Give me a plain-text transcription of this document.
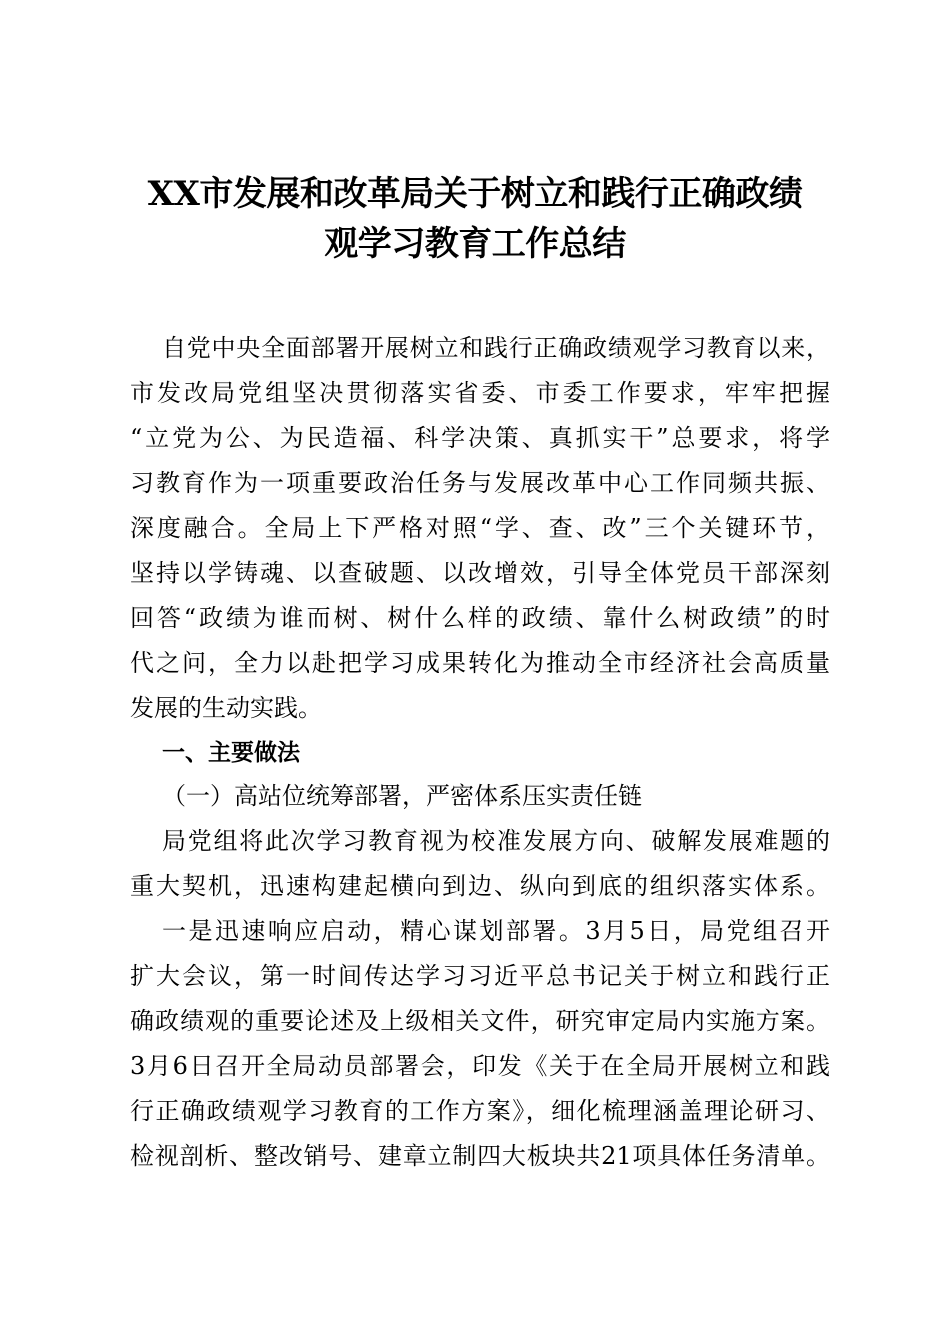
XX市发展和改革局关于树立和践行正确政绩
观学习教育工作总结
自党中央全面部署开展树立和践行正确政绩观学习教育以来，
市发改局党组坚决贯彻落实省委、市委工作要求，牢牢把握
“立党为公、为民造福、科学决策、真抓实干”总要求，将学
习教育作为一项重要政治任务与发展改革中心工作同频共振、
深度融合。全局上下严格对照“学、查、改”三个关键环节，
坚持以学铸魂、以查破题、以改增效，引导全体党员干部深刻
回答“政绩为谁而树、树什么样的政绩、靠什么树政绩”的时
代之问，全力以赴把学习成果转化为推动全市经济社会高质量
发展的生动实践。
一、主要做法
（一）高站位统筹部署，严密体系压实责任链
局党组将此次学习教育视为校准发展方向、破解发展难题的
重大契机，迅速构建起横向到边、纵向到底的组织落实体系。
一是迅速响应启动，精心谋划部署。3月5日，局党组召开
扩大会议，第一时间传达学习习近平总书记关于树立和践行正
确政绩观的重要论述及上级相关文件，研究审定局内实施方案。
3月6日召开全局动员部署会，印发《关于在全局开展树立和践
行正确政绩观学习教育的工作方案》，细化梳理涵盖理论研习、
检视剖析、整改销号、建章立制四大板块共21项具体任务清单。
